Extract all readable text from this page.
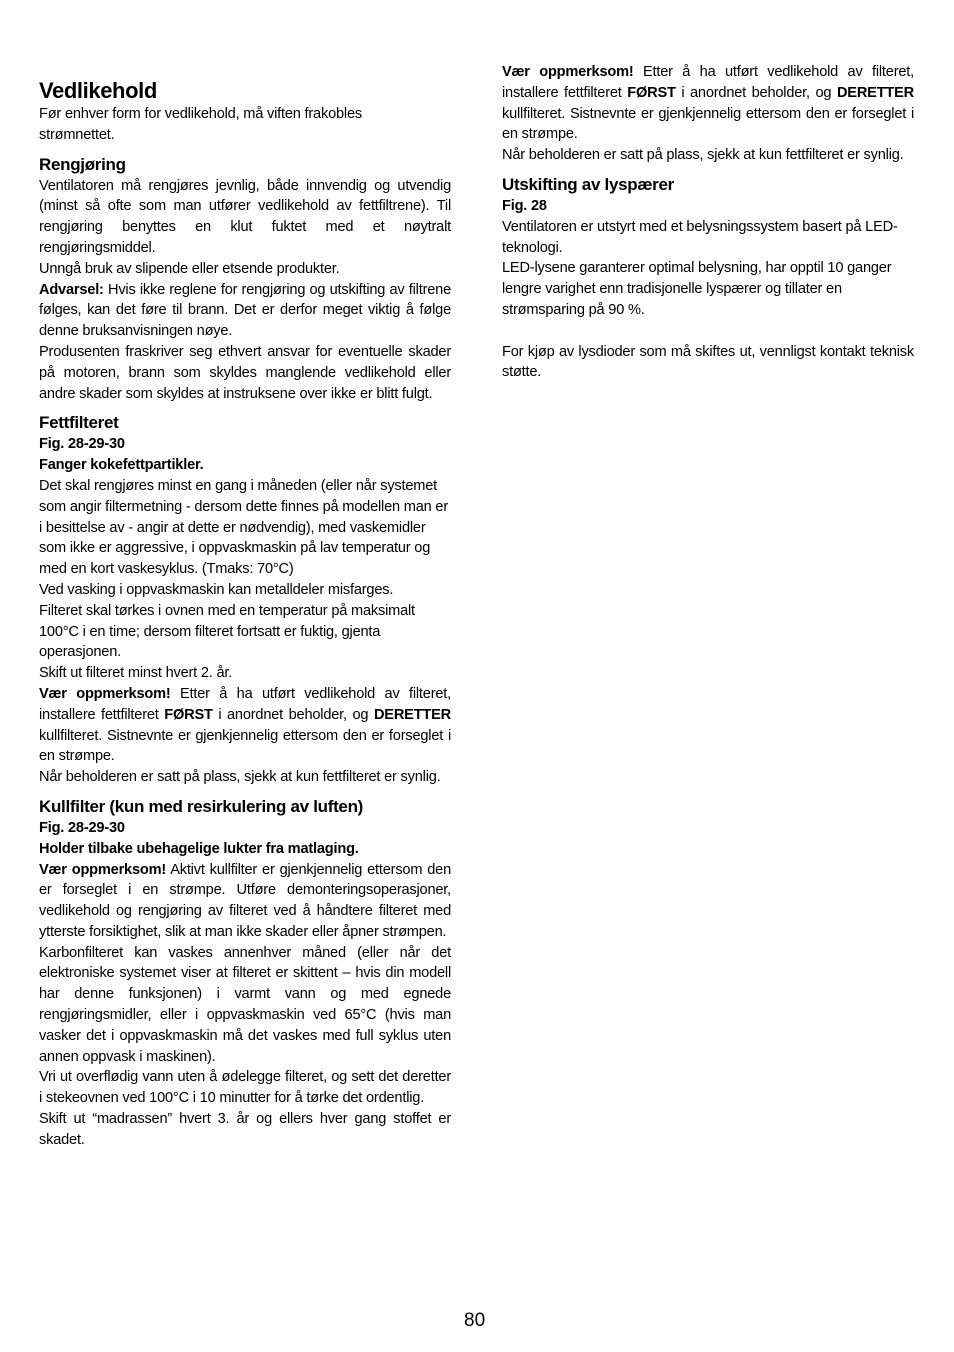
Vedlikehold

Før enhver form for vedlikehold, må viften frakobles strømnettet.

Rengjøring

Ventilatoren må rengjøres jevnlig, både innvendig og utvendig (minst så ofte som man utfører vedlikehold av fettfiltrene). Til rengjøring benyttes en klut fuktet med et nøytralt rengjøringsmiddel.

Unngå bruk av slipende eller etsende produkter.

Advarsel: Hvis ikke reglene for rengjøring og utskifting av filtrene følges, kan det føre til brann. Det er derfor meget viktig å følge denne bruksanvisningen nøye.

Produsenten fraskriver seg ethvert ansvar for eventuelle skader på motoren, brann som skyldes manglende vedlikehold eller andre skader som skyldes at instruksene over ikke er blitt fulgt.

Fettfilteret

Fig. 28-29-30

Fanger kokefettpartikler.

Det skal rengjøres minst en gang i måneden (eller når systemet som angir filtermetning - dersom dette finnes på modellen man er i besittelse av - angir at dette er nødvendig), med vaskemidler som ikke er aggressive, i oppvaskmaskin på lav temperatur og med en kort vaskesyklus. (Tmaks: 70°C)

Ved vasking i oppvaskmaskin kan metalldeler misfarges.

Filteret skal tørkes i ovnen med en temperatur på maksimalt 100°C i en time; dersom filteret fortsatt er fuktig, gjenta operasjonen.

Skift ut filteret minst hvert 2. år.

Vær oppmerksom! Etter å ha utført vedlikehold av filteret, installere fettfilteret FØRST i anordnet beholder, og DERETTER kullfilteret. Sistnevnte er gjenkjennelig ettersom den er forseglet i en strømpe.

Når beholderen er satt på plass, sjekk at kun fettfilteret er synlig.

Kullfilter (kun med resirkulering av luften)

Fig. 28-29-30

Holder tilbake ubehagelige lukter fra matlaging.

Vær oppmerksom! Aktivt kullfilter er gjenkjennelig ettersom den er forseglet i en strømpe. Utføre demonteringsoperasjoner, vedlikehold og rengjøring av filteret ved å håndtere filteret med ytterste forsiktighet, slik at man ikke skader eller åpner strømpen.

Karbonfilteret kan vaskes annenhver måned (eller når det elektroniske systemet viser at filteret er skittent – hvis din modell har denne funksjonen) i varmt vann og med egnede rengjøringsmidler, eller i oppvaskmaskin ved 65°C (hvis man vasker det i oppvaskmaskin må det vaskes med full syklus uten annen oppvask i maskinen).

Vri ut overflødig vann uten å ødelegge filteret, og sett det deretter i stekeovnen ved 100°C i 10 minutter for å tørke det ordentlig.

Skift ut “madrassen” hvert 3. år og ellers hver gang stoffet er skadet.

Vær oppmerksom! Etter å ha utført vedlikehold av filteret, installere fettfilteret FØRST i anordnet beholder, og DERETTER kullfilteret. Sistnevnte er gjenkjennelig ettersom den er forseglet i en strømpe.

Når beholderen er satt på plass, sjekk at kun fettfilteret er synlig.

Utskifting av lyspærer

Fig. 28

Ventilatoren er utstyrt med et belysningssystem basert på LED-teknologi.

LED-lysene garanterer optimal belysning, har opptil 10 ganger lengre varighet enn tradisjonelle lyspærer og tillater en strømsparing på 90 %.

For kjøp av lysdioder som må skiftes ut, vennligst kontakt teknisk støtte.

80
